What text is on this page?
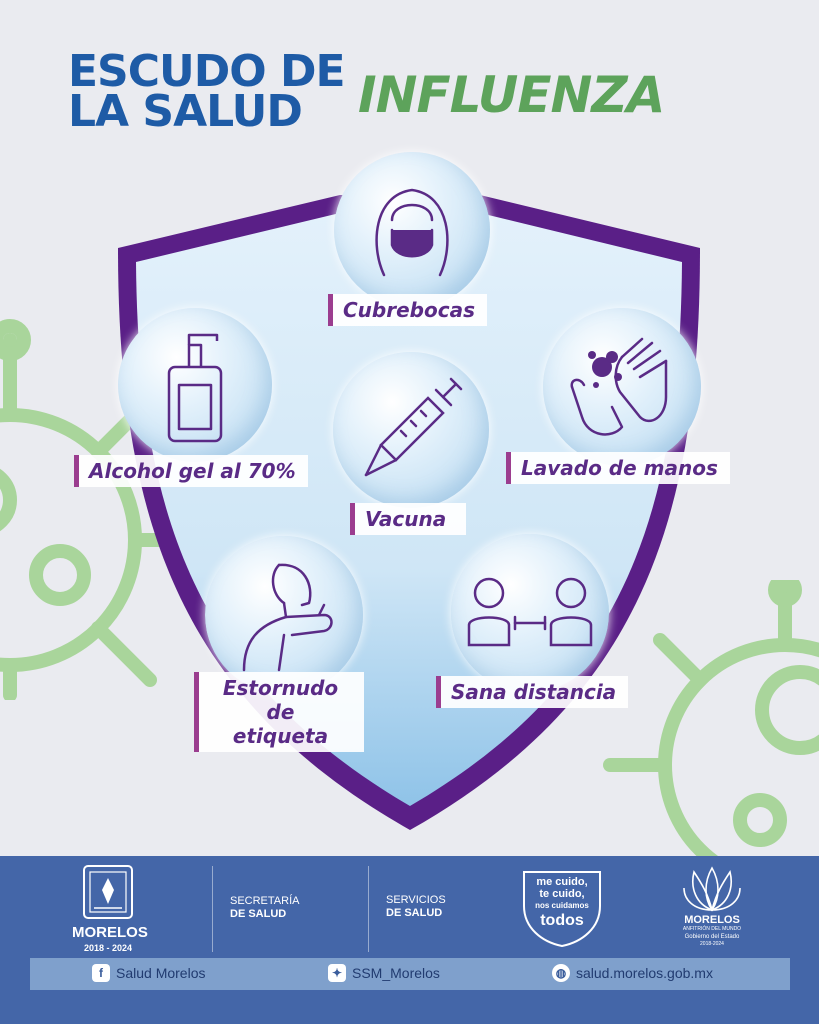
ESCUDO DE
LA SALUD	INFLUENZA
Cubrebocas
Alcohol gel al 70%
Vacuna
Lavado de manos
Estornudo de
etiqueta
Sana distancia
MORELOS
2018 - 2024
SECRETARÍA
DE SALUD
SERVICIOS
DE SALUD
me cuido,
te cuido,
nos cuidamos
todos	MORELOS
ANFITRIÓN DEL MUNDO
Gobierno del Estado
2018-2024
f Salud Morelos	✦ SSM_Morelos	◍ salud.morelos.gob.mx
